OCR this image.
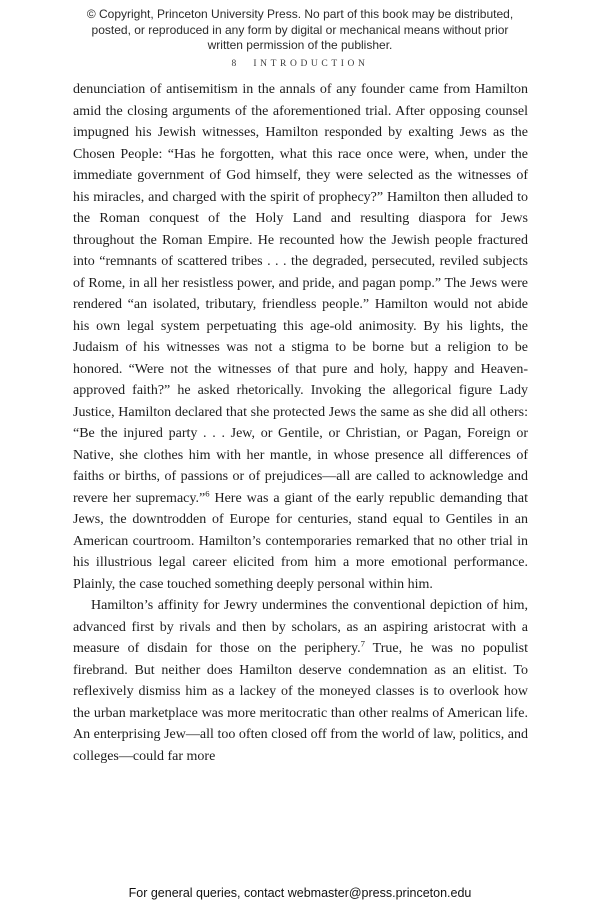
© Copyright, Princeton University Press. No part of this book may be distributed, posted, or reproduced in any form by digital or mechanical means without prior written permission of the publisher.
8 INTRODUCTION

denunciation of antisemitism in the annals of any founder came from Hamilton amid the closing arguments of the aforementioned trial. After opposing counsel impugned his Jewish witnesses, Hamilton responded by exalting Jews as the Chosen People: “Has he forgotten, what this race once were, when, under the immediate government of God himself, they were selected as the witnesses of his miracles, and charged with the spirit of prophecy?” Hamilton then alluded to the Roman conquest of the Holy Land and resulting diaspora for Jews throughout the Roman Empire. He recounted how the Jewish people fractured into “remnants of scattered tribes . . . the degraded, persecuted, reviled subjects of Rome, in all her resistless power, and pride, and pagan pomp.” The Jews were rendered “an isolated, tributary, friendless people.” Hamilton would not abide his own legal system perpetuating this age-old animosity. By his lights, the Judaism of his witnesses was not a stigma to be borne but a religion to be honored. “Were not the witnesses of that pure and holy, happy and Heaven-approved faith?” he asked rhetorically. Invoking the allegorical figure Lady Justice, Hamilton declared that she protected Jews the same as she did all others: “Be the injured party . . . Jew, or Gentile, or Christian, or Pagan, Foreign or Native, she clothes him with her mantle, in whose presence all differences of faiths or births, of passions or of prejudices—all are called to acknowledge and revere her supremacy.”$^6$ Here was a giant of the early republic demanding that Jews, the downtrodden of Europe for centuries, stand equal to Gentiles in an American courtroom. Hamilton’s contemporaries remarked that no other trial in his illustrious legal career elicited from him a more emotional performance. Plainly, the case touched something deeply personal within him.

Hamilton’s affinity for Jewry undermines the conventional depiction of him, advanced first by rivals and then by scholars, as an aspiring aristocrat with a measure of disdain for those on the periphery.$^7$ True, he was no populist firebrand. But neither does Hamilton deserve condemnation as an elitist. To reflexively dismiss him as a lackey of the moneyed classes is to overlook how the urban marketplace was more meritocratic than other realms of American life. An enterprising Jew—all too often closed off from the world of law, politics, and colleges—could far more

For general queries, contact webmaster@press.princeton.edu
